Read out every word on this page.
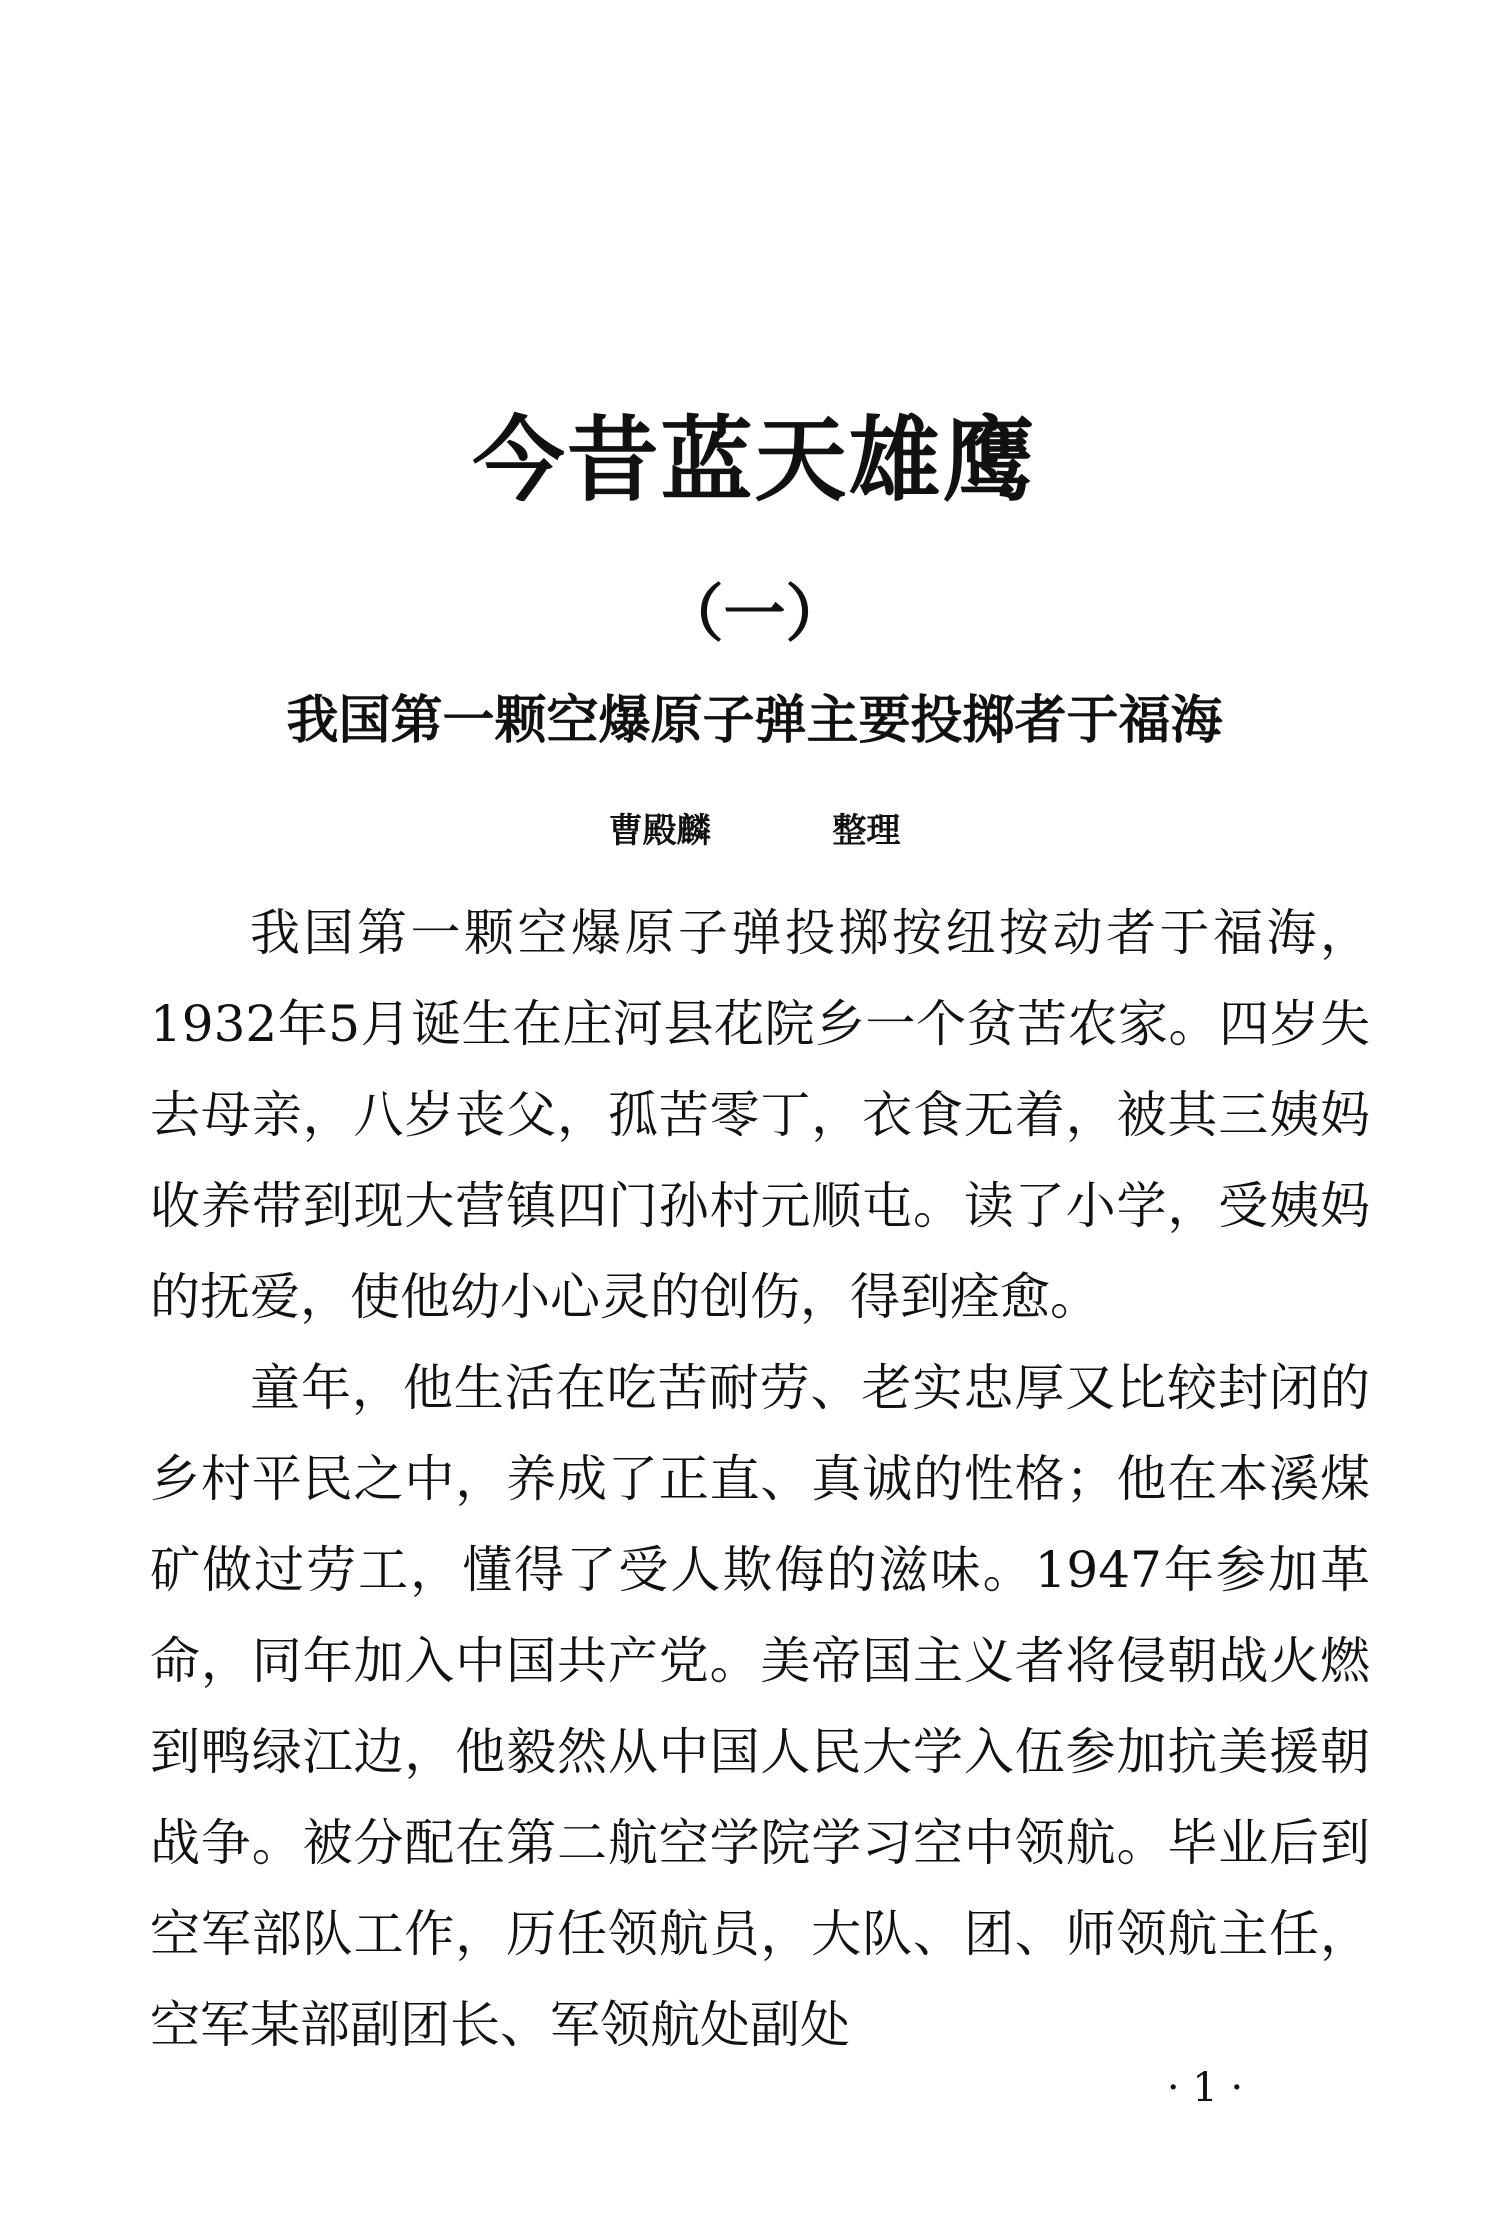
今昔蓝天雄鹰
（一）
我国第一颗空爆原子弹主要投掷者于福海
曹殿麟	整理

我国第一颗空爆原子弹投掷按纽按动者于福海，1932年5月诞生在庄河县花院乡一个贫苦农家。四岁失去母亲，八岁丧父，孤苦零丁，衣食无着，被其三姨妈收养带到现大营镇四门孙村元顺屯。读了小学，受姨妈的抚爱，使他幼小心灵的创伤，得到痊愈。

童年，他生活在吃苦耐劳、老实忠厚又比较封闭的乡村平民之中，养成了正直、真诚的性格；他在本溪煤矿做过劳工，懂得了受人欺侮的滋味。1947年参加革命，同年加入中国共产党。美帝国主义者将侵朝战火燃到鸭绿江边，他毅然从中国人民大学入伍参加抗美援朝战争。被分配在第二航空学院学习空中领航。毕业后到空军部队工作，历任领航员，大队、团、师领航主任，空军某部副团长、军领航处副处

· 1 ·
